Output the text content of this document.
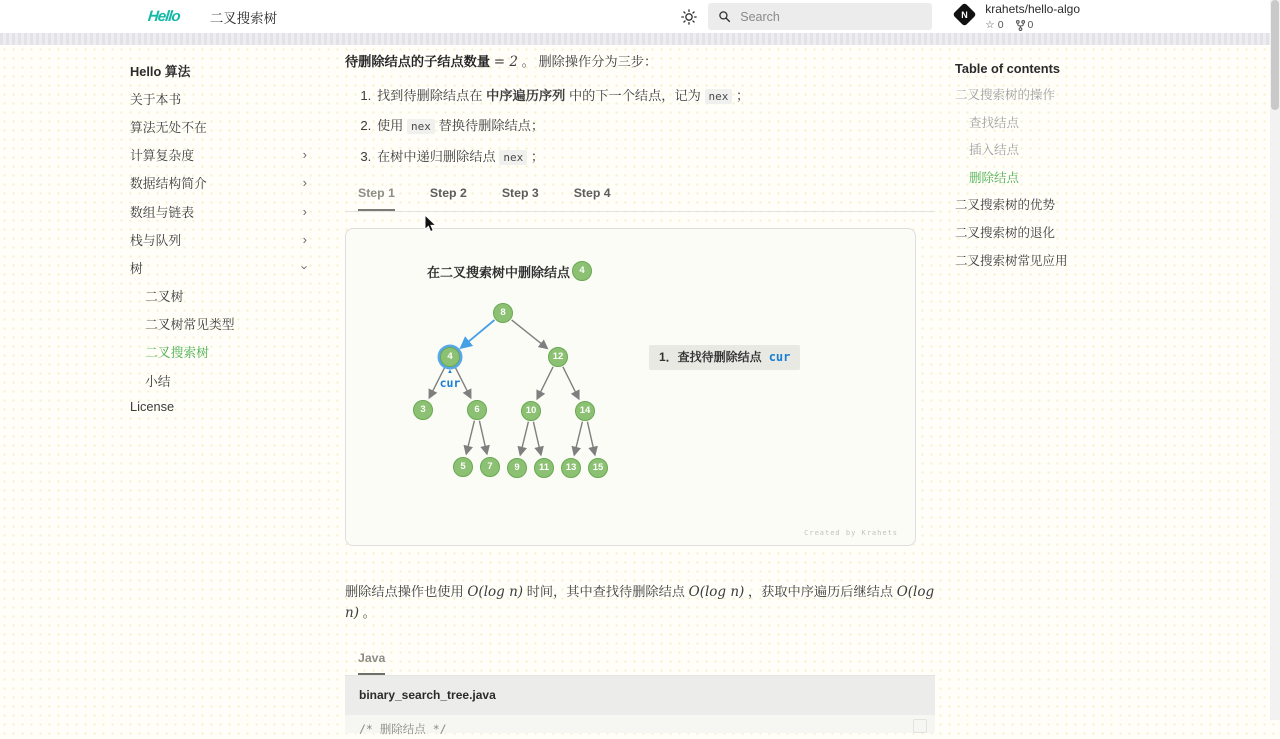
Hello 二叉搜索树
Search	N	krahets/hello-algo
☆ 0 0
Hello 算法
关于本书
算法无处不在
计算复杂度	›
数据结构简介	›
数组与链表	›
栈与队列	›
树	›
二叉树
二叉树常见类型
二叉搜索树
小结
License
Table of contents
二叉搜索树的操作
查找结点
插入结点
删除结点
二叉搜索树的优势
二叉搜索树的退化
二叉搜索树常见应用

待删除结点的子结点数量 = 2 。 删除操作分为三步：

1. 找到待删除结点在 中序遍历序列 中的下一个结点，记为 nex ；
2. 使用 nex 替换待删除结点；
3. 在树中递归删除结点 nex ；
Step 1	Step 2	Step 3	Step 4
在二叉搜索树中删除结点 4
8
4	12
3	6	10	14
5	7	9	11	13	15
▲
cur
1．查找待删除结点 cur
Created by Krahets

删除结点操作也使用 O(log n) 时间，其中查找待删除结点 O(log n) ，获取中序遍历后继结点 O(log n) 。

Java
binary_search_tree.java
/* 删除结点 */
